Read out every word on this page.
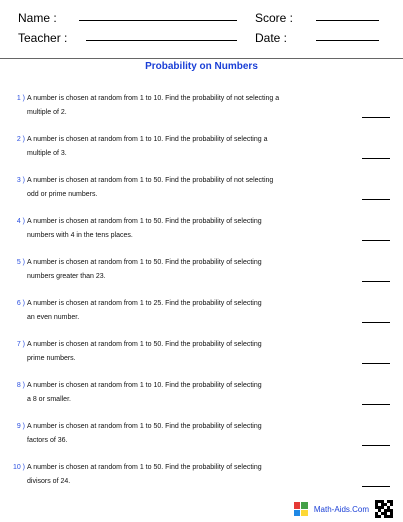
Name :	Score :
Teacher :	Date :
Probability on Numbers
1 ) A number is chosen at random from 1 to 10. Find the probability of not selecting a
multiple of 2.
2 ) A number is chosen at random from 1 to 10. Find the probability of selecting a
multiple of 3.
3 ) A number is chosen at random from 1 to 50. Find the probability of not selecting
odd or prime numbers.
4 ) A number is chosen at random from 1 to 50. Find the probability of selecting
numbers with 4 in the tens places.
5 ) A number is chosen at random from 1 to 50. Find the probability of selecting
numbers greater than 23.
6 ) A number is chosen at random from 1 to 25. Find the probability of selecting
an even number.
7 ) A number is chosen at random from 1 to 50. Find the probability of selecting
prime numbers.
8 ) A number is chosen at random from 1 to 10. Find the probability of selecting
a 8 or smaller.
9 ) A number is chosen at random from 1 to 50. Find the probability of selecting
factors of 36.
10 ) A number is chosen at random from 1 to 50. Find the probability of selecting
divisors of 24.
Math-Aids.Com
